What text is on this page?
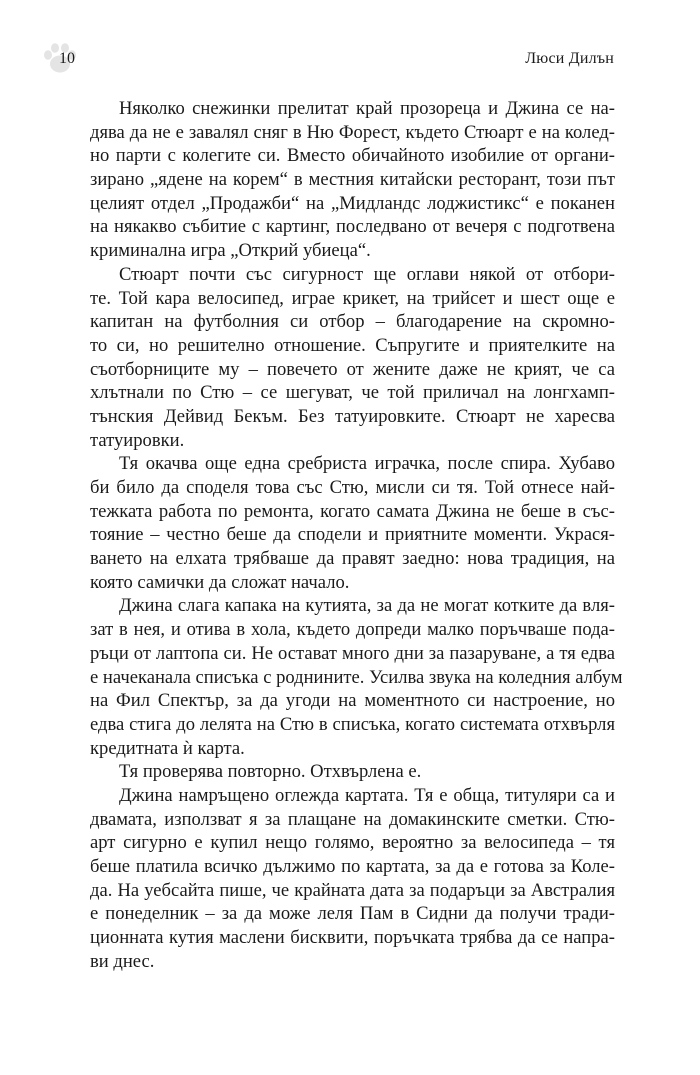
10	Люси Дилън
Няколко снежинки прелитат край прозореца и Джина се на-
дява да не е завалял сняг в Ню Форест, където Стюарт е на колед-
но парти с колегите си. Вместо обичайното изобилие от органи-
зирано „ядене на корем“ в местния китайски ресторант, този път
целият отдел „Продажби“ на „Мидландс лоджистикс“ е поканен
на някакво събитие с картинг, последвано от вечеря с подготвена
криминална игра „Открий убиеца“.
Стюарт почти със сигурност ще оглави някой от отбори-
те. Той кара велосипед, играе крикет, на трийсет и шест още е
капитан на футболния си отбор – благодарение на скромно-
то си, но решително отношение. Съпругите и приятелките на
съотборниците му – повечето от жените даже не крият, че са
хлътнали по Стю – се шегуват, че той приличал на лонгхамп-
тънския Дейвид Бекъм. Без татуировките. Стюарт не харесва
татуировки.
Тя окачва още една сребриста играчка, после спира. Хубаво
би било да споделя това със Стю, мисли си тя. Той отнесе най-
тежката работа по ремонта, когато самата Джина не беше в със-
тояние – честно беше да сподели и приятните моменти. Украся-
ването на елхата трябваше да правят заедно: нова традиция, на
която самички да сложат начало.
Джина слага капака на кутията, за да не могат котките да вля-
зат в нея, и отива в хола, където допреди малко поръчваше пода-
ръци от лаптопа си. Не остават много дни за пазаруване, а тя едва
е начеканала списъка с роднините. Усилва звука на коледния албум
на Фил Спектър, за да угоди на моментното си настроение, но
едва стига до лелята на Стю в списъка, когато системата отхвърля
кредитната ѝ карта.
Тя проверява повторно. Отхвърлена е.
Джина намръщено оглежда картата. Тя е обща, титуляри са и
двамата, използват я за плащане на домакинските сметки. Стю-
арт сигурно е купил нещо голямо, вероятно за велосипеда – тя
беше платила всичко дължимо по картата, за да е готова за Коле-
да. На уебсайта пише, че крайната дата за подаръци за Австралия
е понеделник – за да може леля Пам в Сидни да получи тради-
ционната кутия маслени бисквити, поръчката трябва да се напра-
ви днес.
